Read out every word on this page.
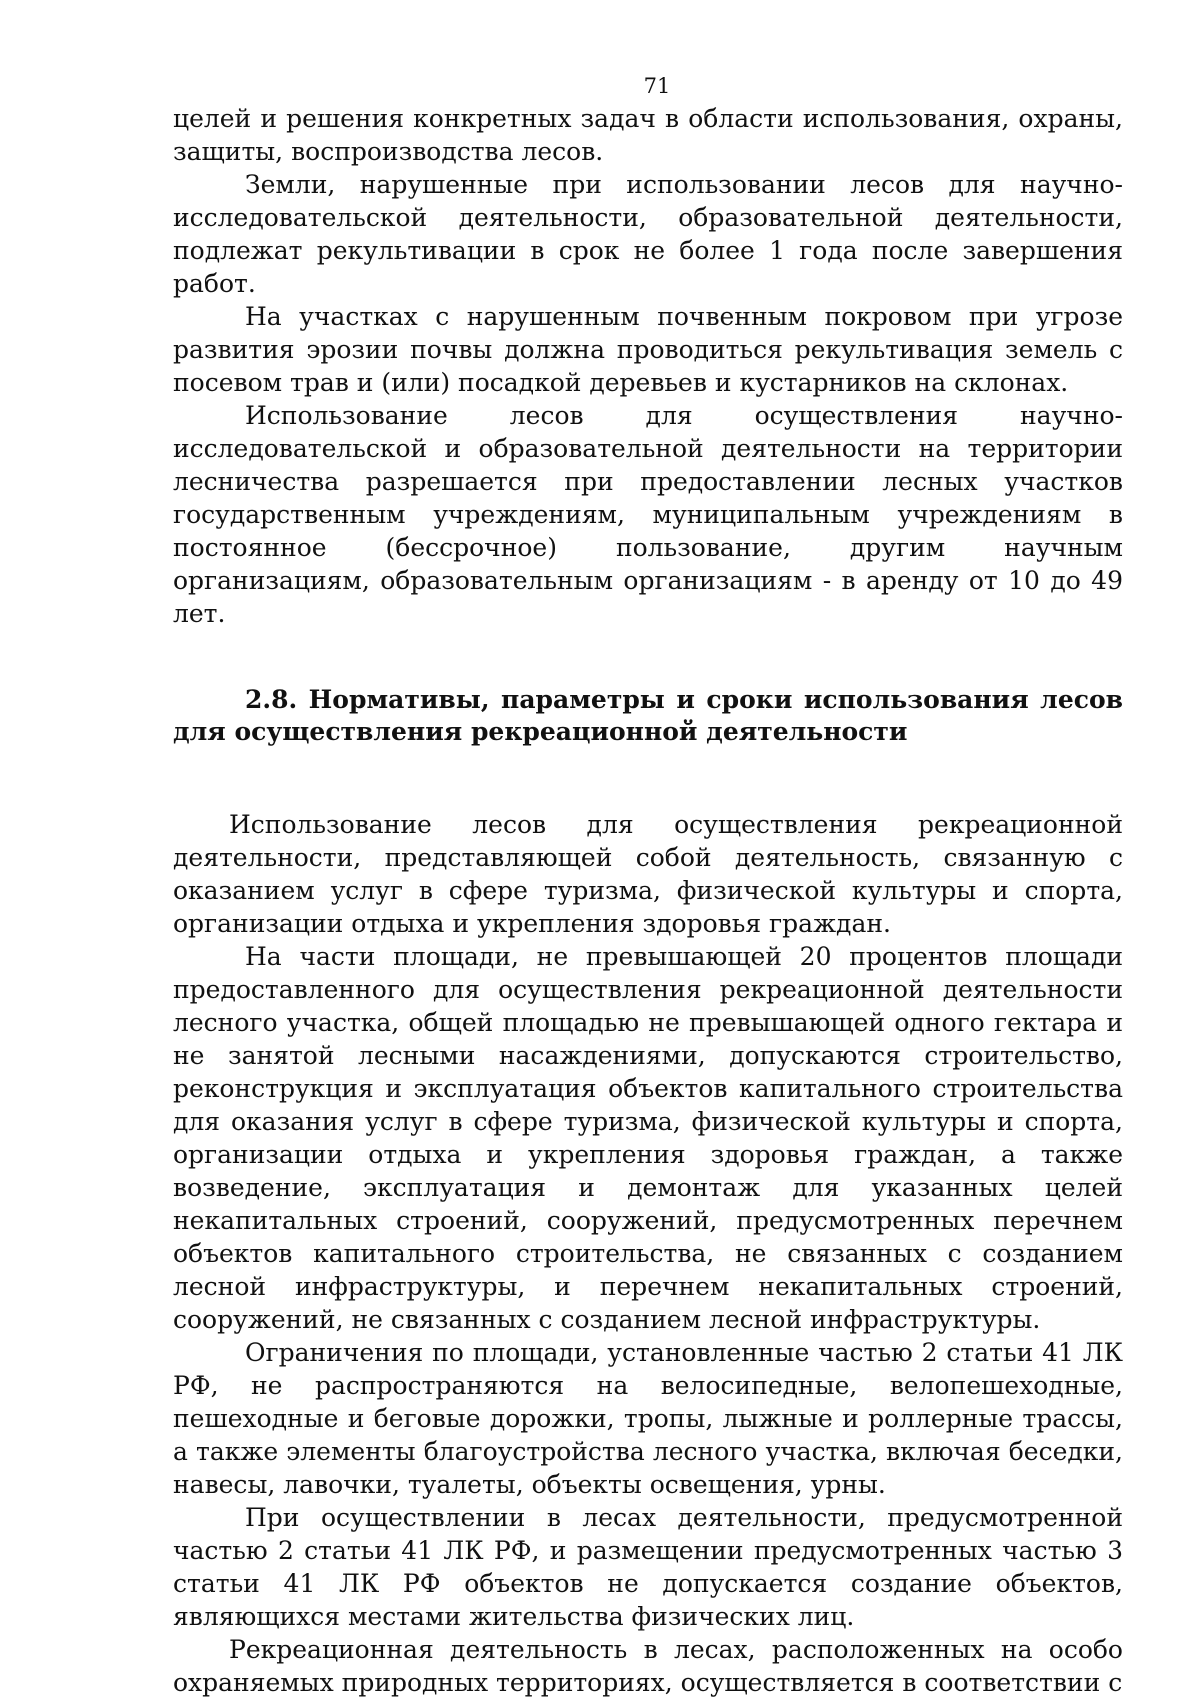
71

целей и решения конкретных задач в области использования, охраны, защиты, воспроизводства лесов.

Земли, нарушенные при использовании лесов для научно-исследовательской деятельности, образовательной деятельности, подлежат рекультивации в срок не более 1 года после завершения работ.

На участках с нарушенным почвенным покровом при угрозе развития эрозии почвы должна проводиться рекультивация земель с посевом трав и (или) посадкой деревьев и кустарников на склонах.

Использование лесов для осуществления научно-исследовательской и образовательной деятельности на территории лесничества разрешается при предоставлении лесных участков государственным учреждениям, муниципальным учреждениям в постоянное (бессрочное) пользование, другим научным организациям, образовательным организациям - в аренду от 10 до 49 лет.

2.8. Нормативы, параметры и сроки использования лесов для осуществления рекреационной деятельности

Использование лесов для осуществления рекреационной деятельности, представляющей собой деятельность, связанную с оказанием услуг в сфере туризма, физической культуры и спорта, организации отдыха и укрепления здоровья граждан.

На части площади, не превышающей 20 процентов площади предоставленного для осуществления рекреационной деятельности лесного участка, общей площадью не превышающей одного гектара и не занятой лесными насаждениями, допускаются строительство, реконструкция и эксплуатация объектов капитального строительства для оказания услуг в сфере туризма, физической культуры и спорта, организации отдыха и укрепления здоровья граждан, а также возведение, эксплуатация и демонтаж для указанных целей некапитальных строений, сооружений, предусмотренных перечнем объектов капитального строительства, не связанных с созданием лесной инфраструктуры, и перечнем некапитальных строений, сооружений, не связанных с созданием лесной инфраструктуры.

Ограничения по площади, установленные частью 2 статьи 41 ЛК РФ, не распространяются на велосипедные, велопешеходные, пешеходные и беговые дорожки, тропы, лыжные и роллерные трассы, а также элементы благоустройства лесного участка, включая беседки, навесы, лавочки, туалеты, объекты освещения, урны.

При осуществлении в лесах деятельности, предусмотренной частью 2 статьи 41 ЛК РФ, и размещении предусмотренных частью 3 статьи 41 ЛК РФ объектов не допускается создание объектов, являющихся местами жительства физических лиц.

Рекреационная деятельность в лесах, расположенных на особо охраняемых природных территориях, осуществляется в соответствии с
